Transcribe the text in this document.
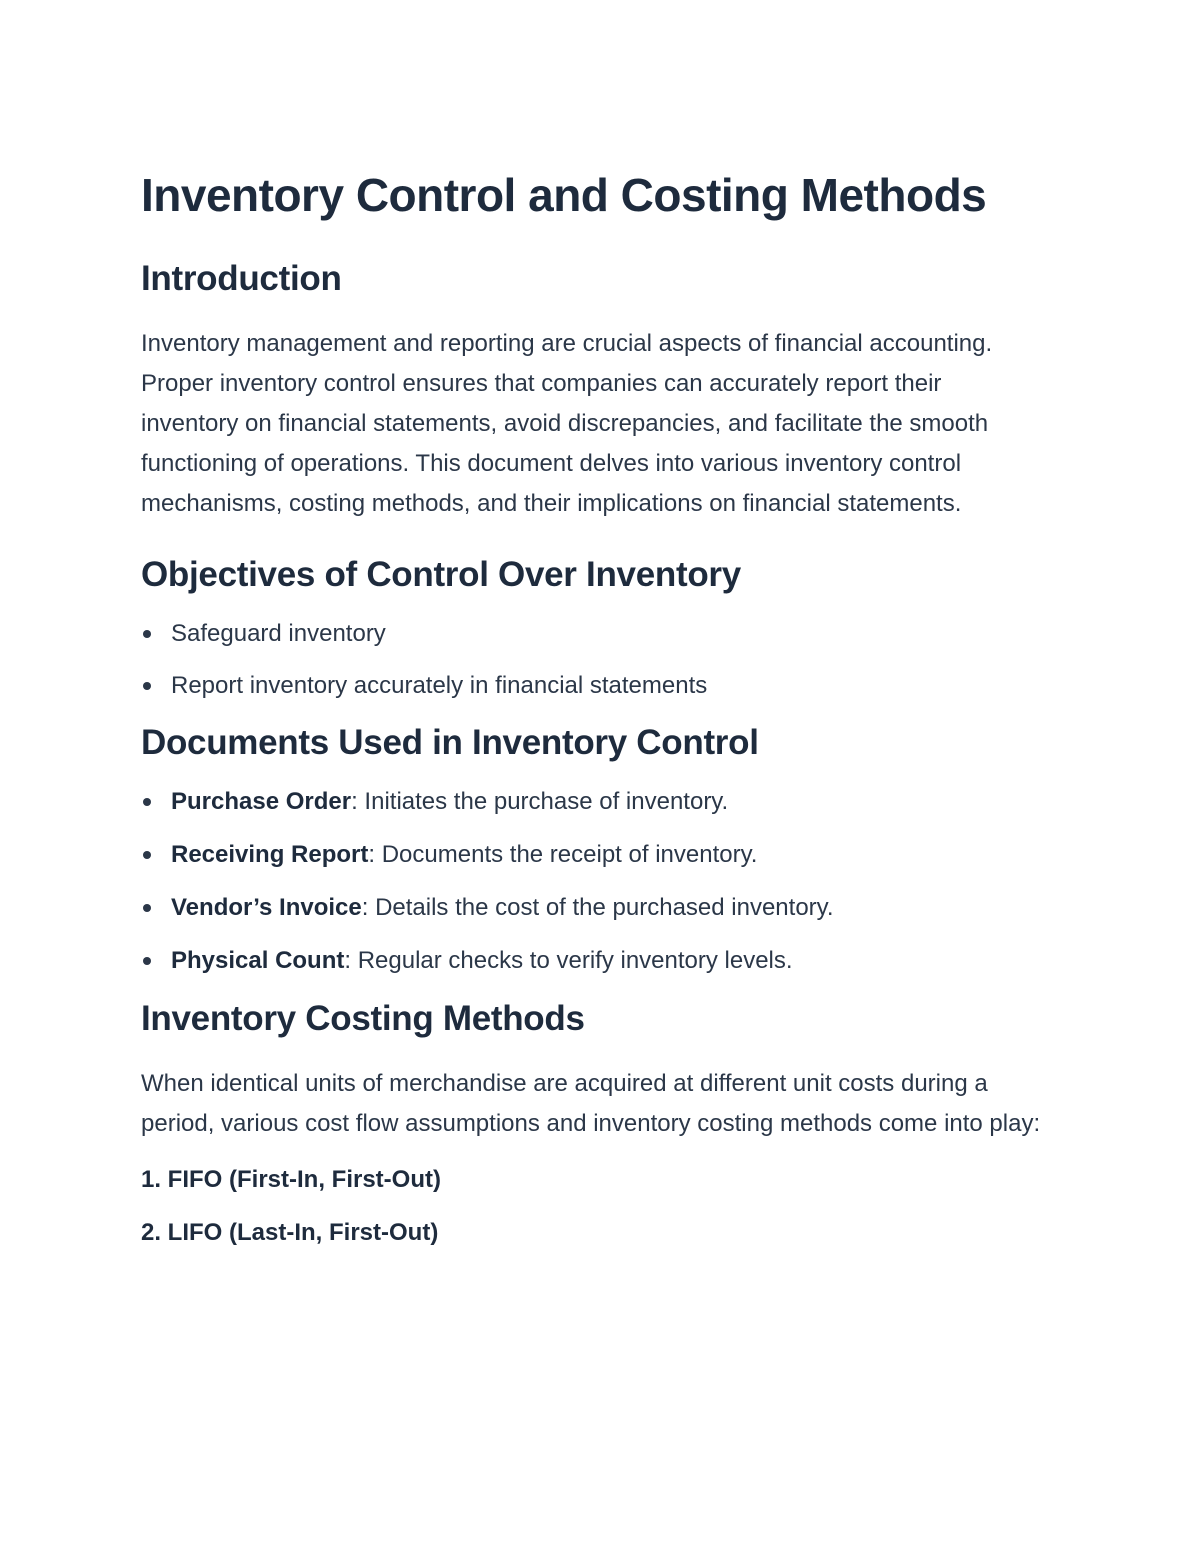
Inventory Control and Costing Methods
Introduction

Inventory management and reporting are crucial aspects of financial accounting. Proper inventory control ensures that companies can accurately report their inventory on financial statements, avoid discrepancies, and facilitate the smooth functioning of operations. This document delves into various inventory control mechanisms, costing methods, and their implications on financial statements.

Objectives of Control Over Inventory
Safeguard inventory
Report inventory accurately in financial statements
Documents Used in Inventory Control
Purchase Order: Initiates the purchase of inventory.
Receiving Report: Documents the receipt of inventory.
Vendor’s Invoice: Details the cost of the purchased inventory.
Physical Count: Regular checks to verify inventory levels.
Inventory Costing Methods

When identical units of merchandise are acquired at different unit costs during a period, various cost flow assumptions and inventory costing methods come into play:

1. FIFO (First-In, First-Out)
2. LIFO (Last-In, First-Out)
